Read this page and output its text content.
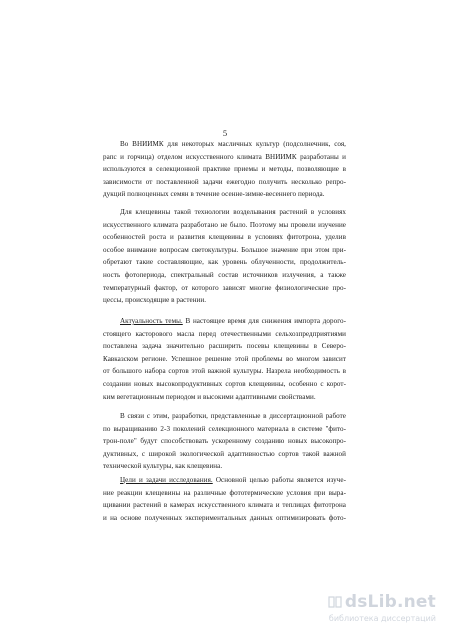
5
Во ВНИИМК для некоторых масличных культур (подсолнечник, соя,
рапс и горчица) отделом искусственного климата ВНИИМК разработаны и
используются в селекционной практике приемы и методы, позволяющие в
зависимости от поставленной задачи ежегодно получить несколько репро-
дукций полноценных семян в течение осенне-зимне-весеннего периода.
Для клещевины такой технологии возделывания растений в условиях
искусственного климата разработано не было. Поэтому мы провели изучение
особенностей роста и развития клещевины в условиях фитотрона, уделив
особое внимание вопросам светокультуры. Большое значение при этом при-
обретают такие составляющие, как уровень облученности, продолжитель-
ность фотопериода, спектральный состав источников излучения, а также
температурный фактор, от которого зависят многие физиологические про-
цессы, происходящие в растении.
Актуальность темы. В настоящее время для снижения импорта дорого-
стоящего касторового масла перед отечественными сельхозпредприятиями
поставлена задача значительно расширить посевы клещевины в Северо-
Кавказском регионе. Успешное решение этой проблемы во многом зависит
от большого набора сортов этой важной культуры. Назрела необходимость в
создании новых высокопродуктивных сортов клещевины, особенно с корот-
ким вегетационным периодом и высокими адаптивными свойствами.
В связи с этим, разработки, представленные в диссертационной работе
по выращиванию 2-3 поколений селекционного материала в системе "фито-
трон-поле" будут способствовать ускоренному созданию новых высокопро-
дуктивных, с широкой экологической адаптивностью сортов такой важной
технической культуры, как клещевина.
Цели и задачи исследования. Основной целью работы является изуче-
ние реакции клещевины на различные фототермические условия при выра-
щивании растений в камерах искусственного климата и теплицах фитотрона
и на основе полученных экспериментальных данных оптимизировать фото-
dsLib.net
библиотека диссертаций
